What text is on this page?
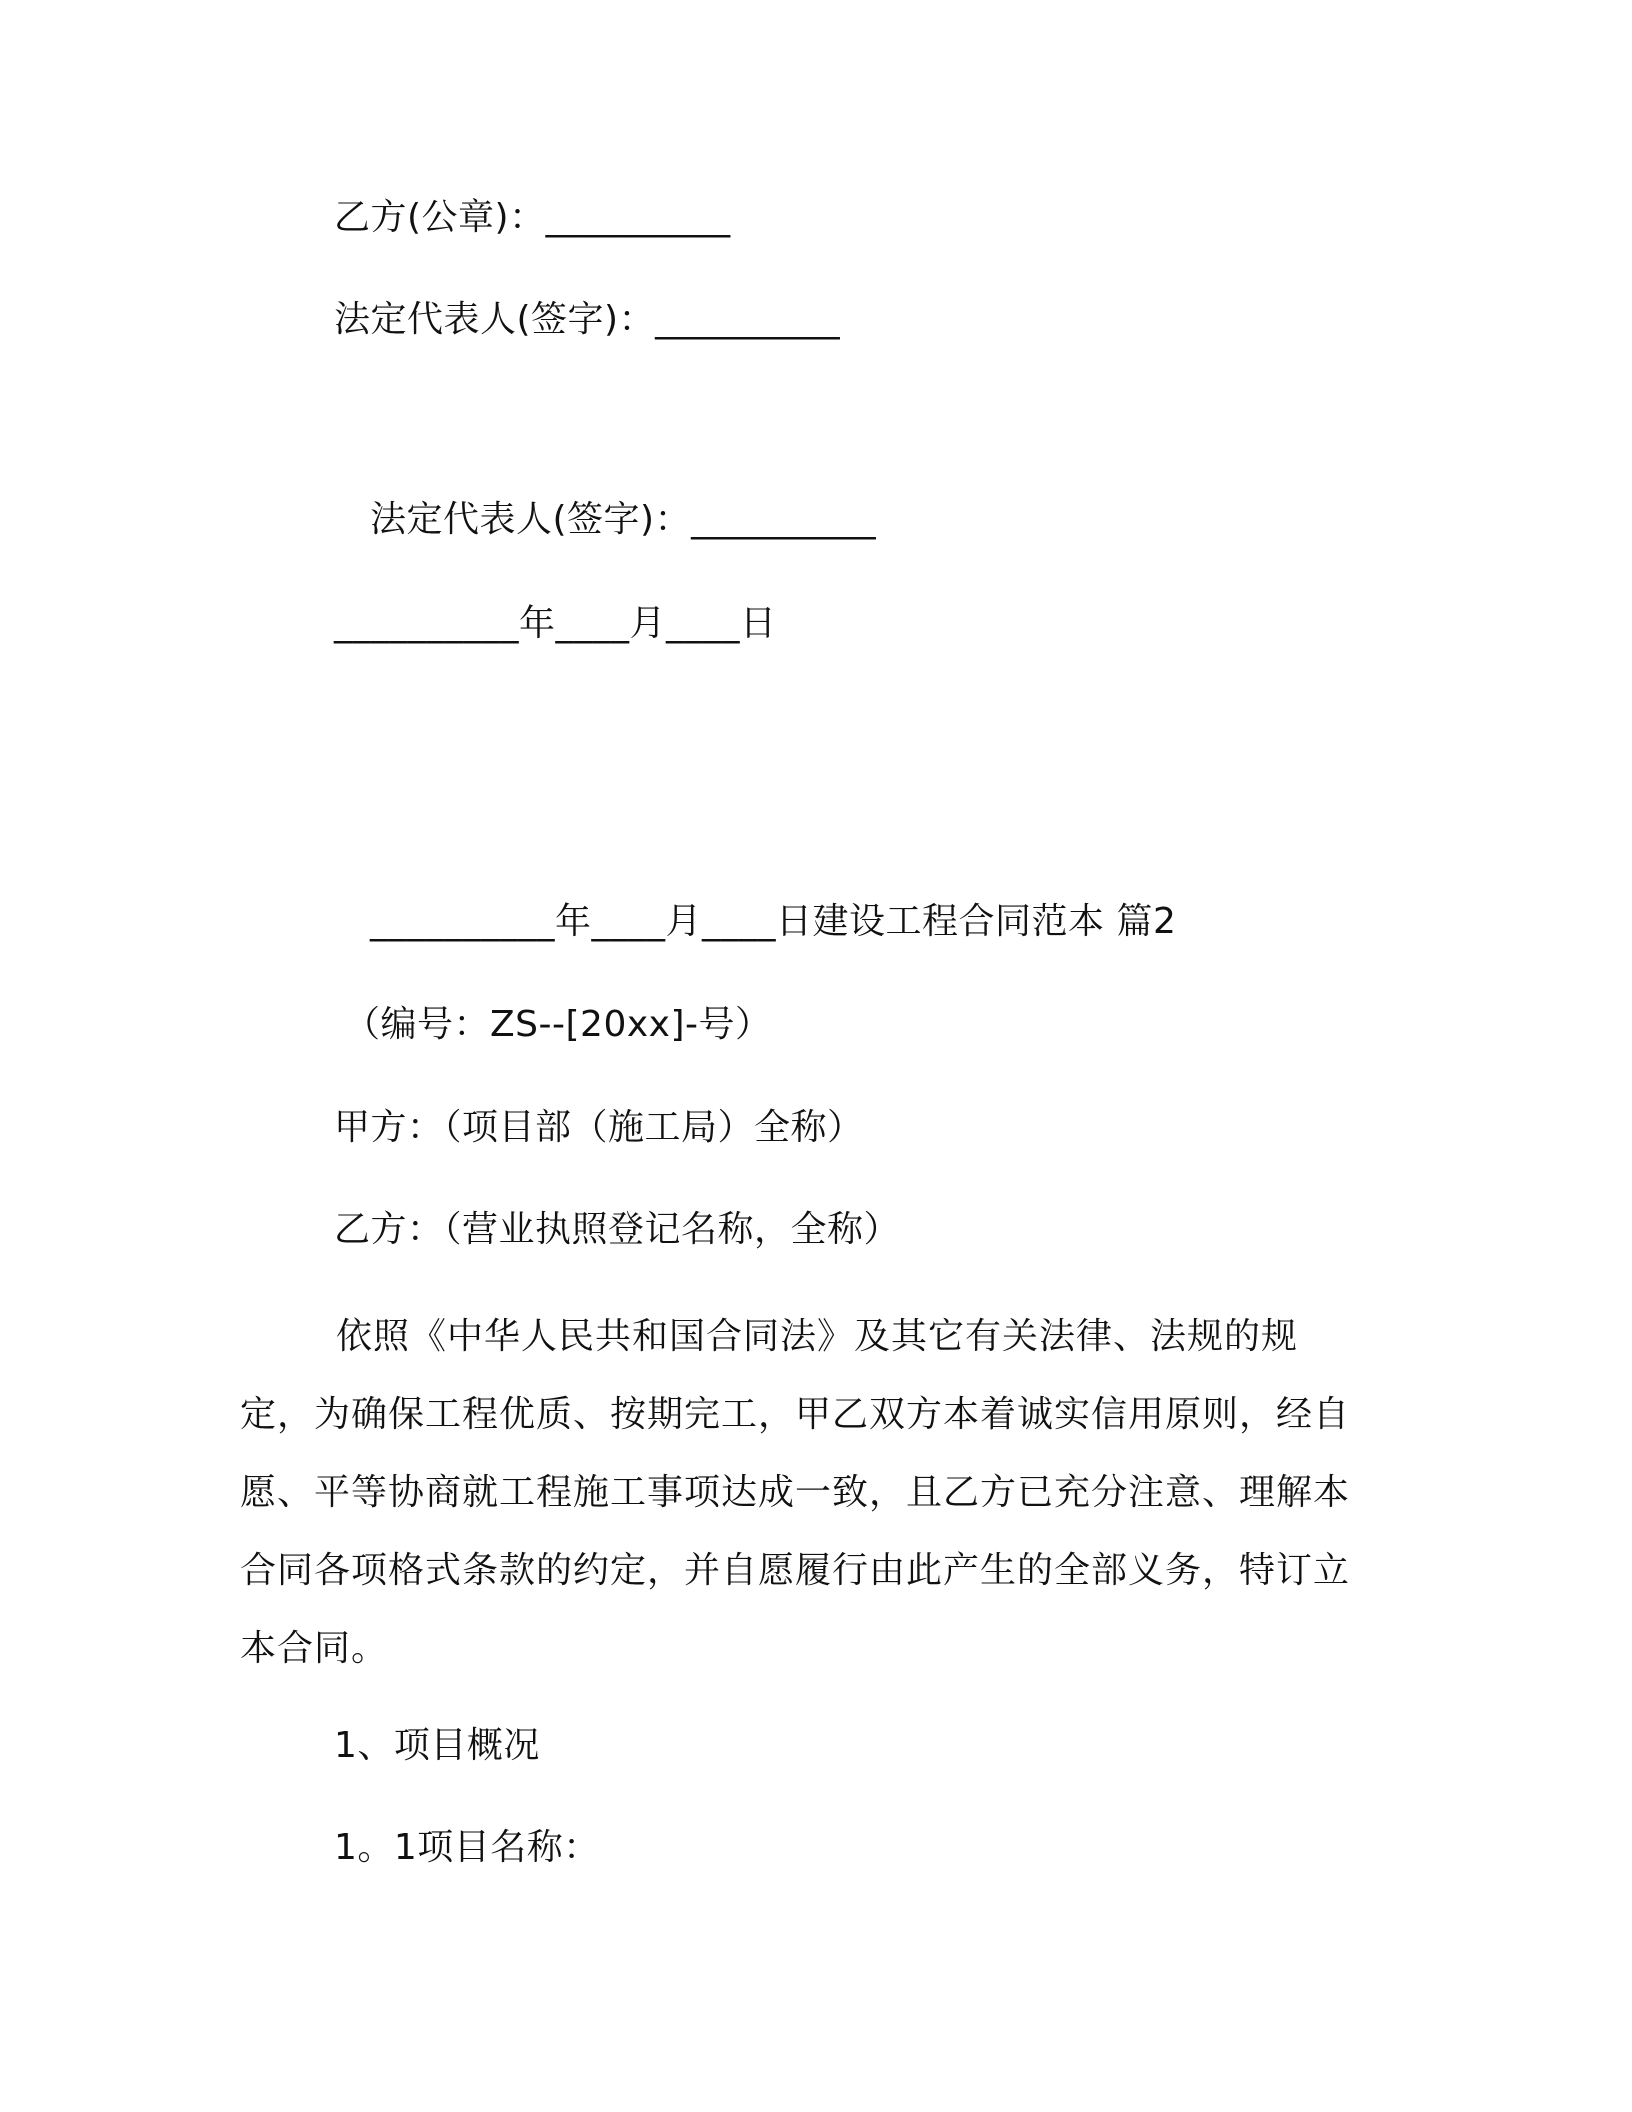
乙方(公章)：__________
法定代表人(签字)：__________
法定代表人(签字)：__________
__________年____月____日
__________年____月____日建设工程合同范本 篇2
（编号：ZS--[20xx]-号）
甲方：（项目部（施工局）全称）
乙方：（营业执照登记名称，全称）
依照《中华人民共和国合同法》及其它有关法律、法规的规定，为确保工程优质、按期完工，甲乙双方本着诚实信用原则，经自愿、平等协商就工程施工事项达成一致，且乙方已充分注意、理解本合同各项格式条款的约定，并自愿履行由此产生的全部义务，特订立本合同。
1、项目概况
1。1项目名称：
